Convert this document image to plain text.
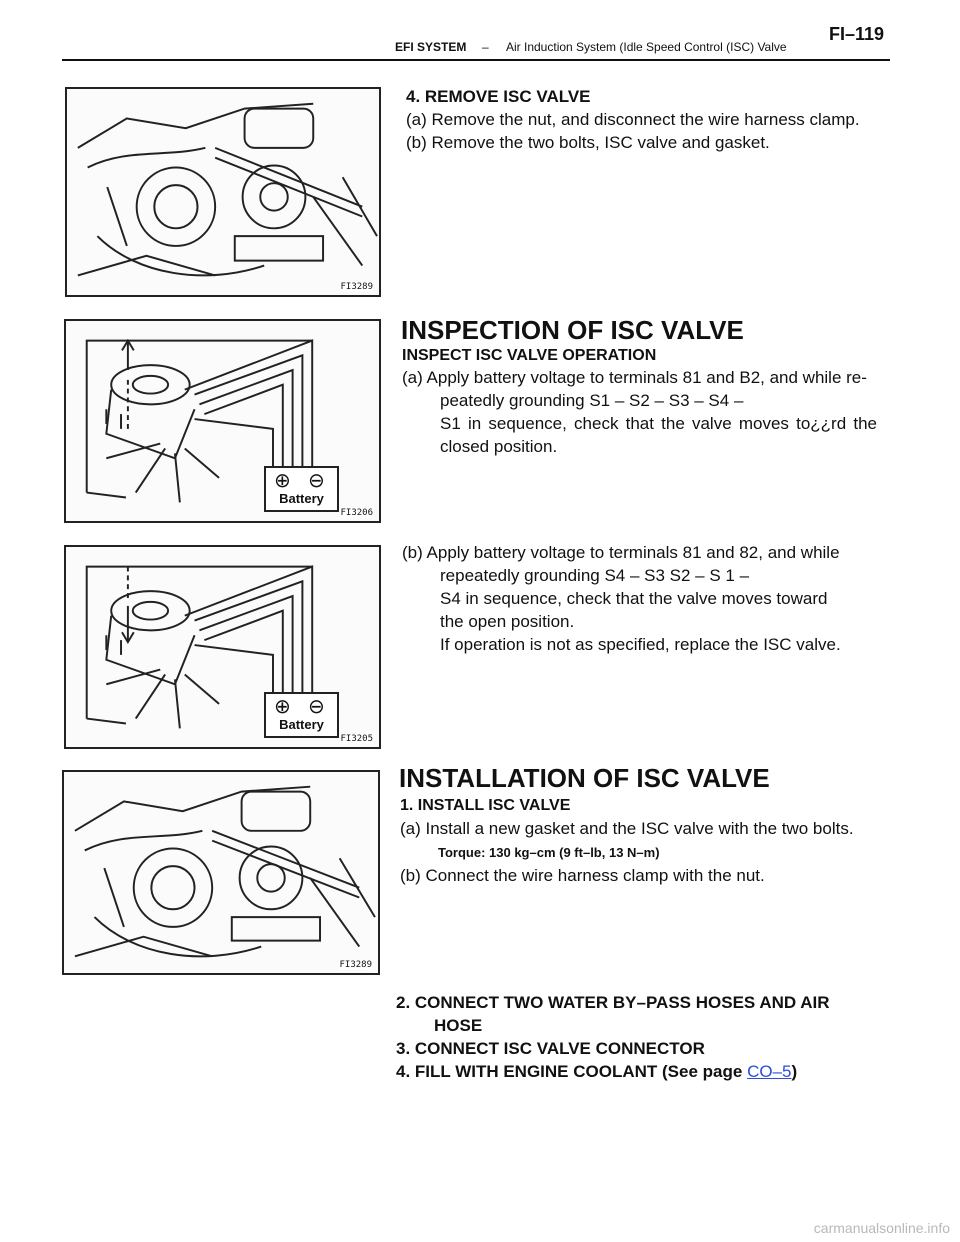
EFI SYSTEM – Air Induction System (Idle Speed Control (ISC) Valve
FI–119
FI3289
4. REMOVE ISC VALVE
(a) Remove the nut, and disconnect the wire harness clamp.
(b) Remove the two bolts, ISC valve and gasket.
⊕ ⊖
Battery
FI3206
INSPECTION OF ISC VALVE
INSPECT ISC VALVE OPERATION
(a) Apply battery voltage to terminals 81 and B2, and while re-
peatedly grounding S1 – S2 – S3 – S4 –
S1 in sequence, check that the valve moves to¿¿rd the
closed position.
⊕ ⊖
Battery
FI3205
(b) Apply battery voltage to terminals 81 and 82, and while
repeatedly grounding S4 – S3 S2 – S 1 –
S4 in sequence, check that the valve moves toward
the open position.
If operation is not as specified, replace the ISC valve.
FI3289
INSTALLATION OF ISC VALVE
1. INSTALL ISC VALVE
(a) Install a new gasket and the ISC valve with the two bolts.
Torque: 130 kg–cm (9 ft–lb, 13 N–m)
(b) Connect the wire harness clamp with the nut.
2. CONNECT TWO WATER BY–PASS HOSES AND AIR
HOSE
3. CONNECT ISC VALVE CONNECTOR
4. FILL WITH ENGINE COOLANT (See page CO–5)
carmanualsonline.info
